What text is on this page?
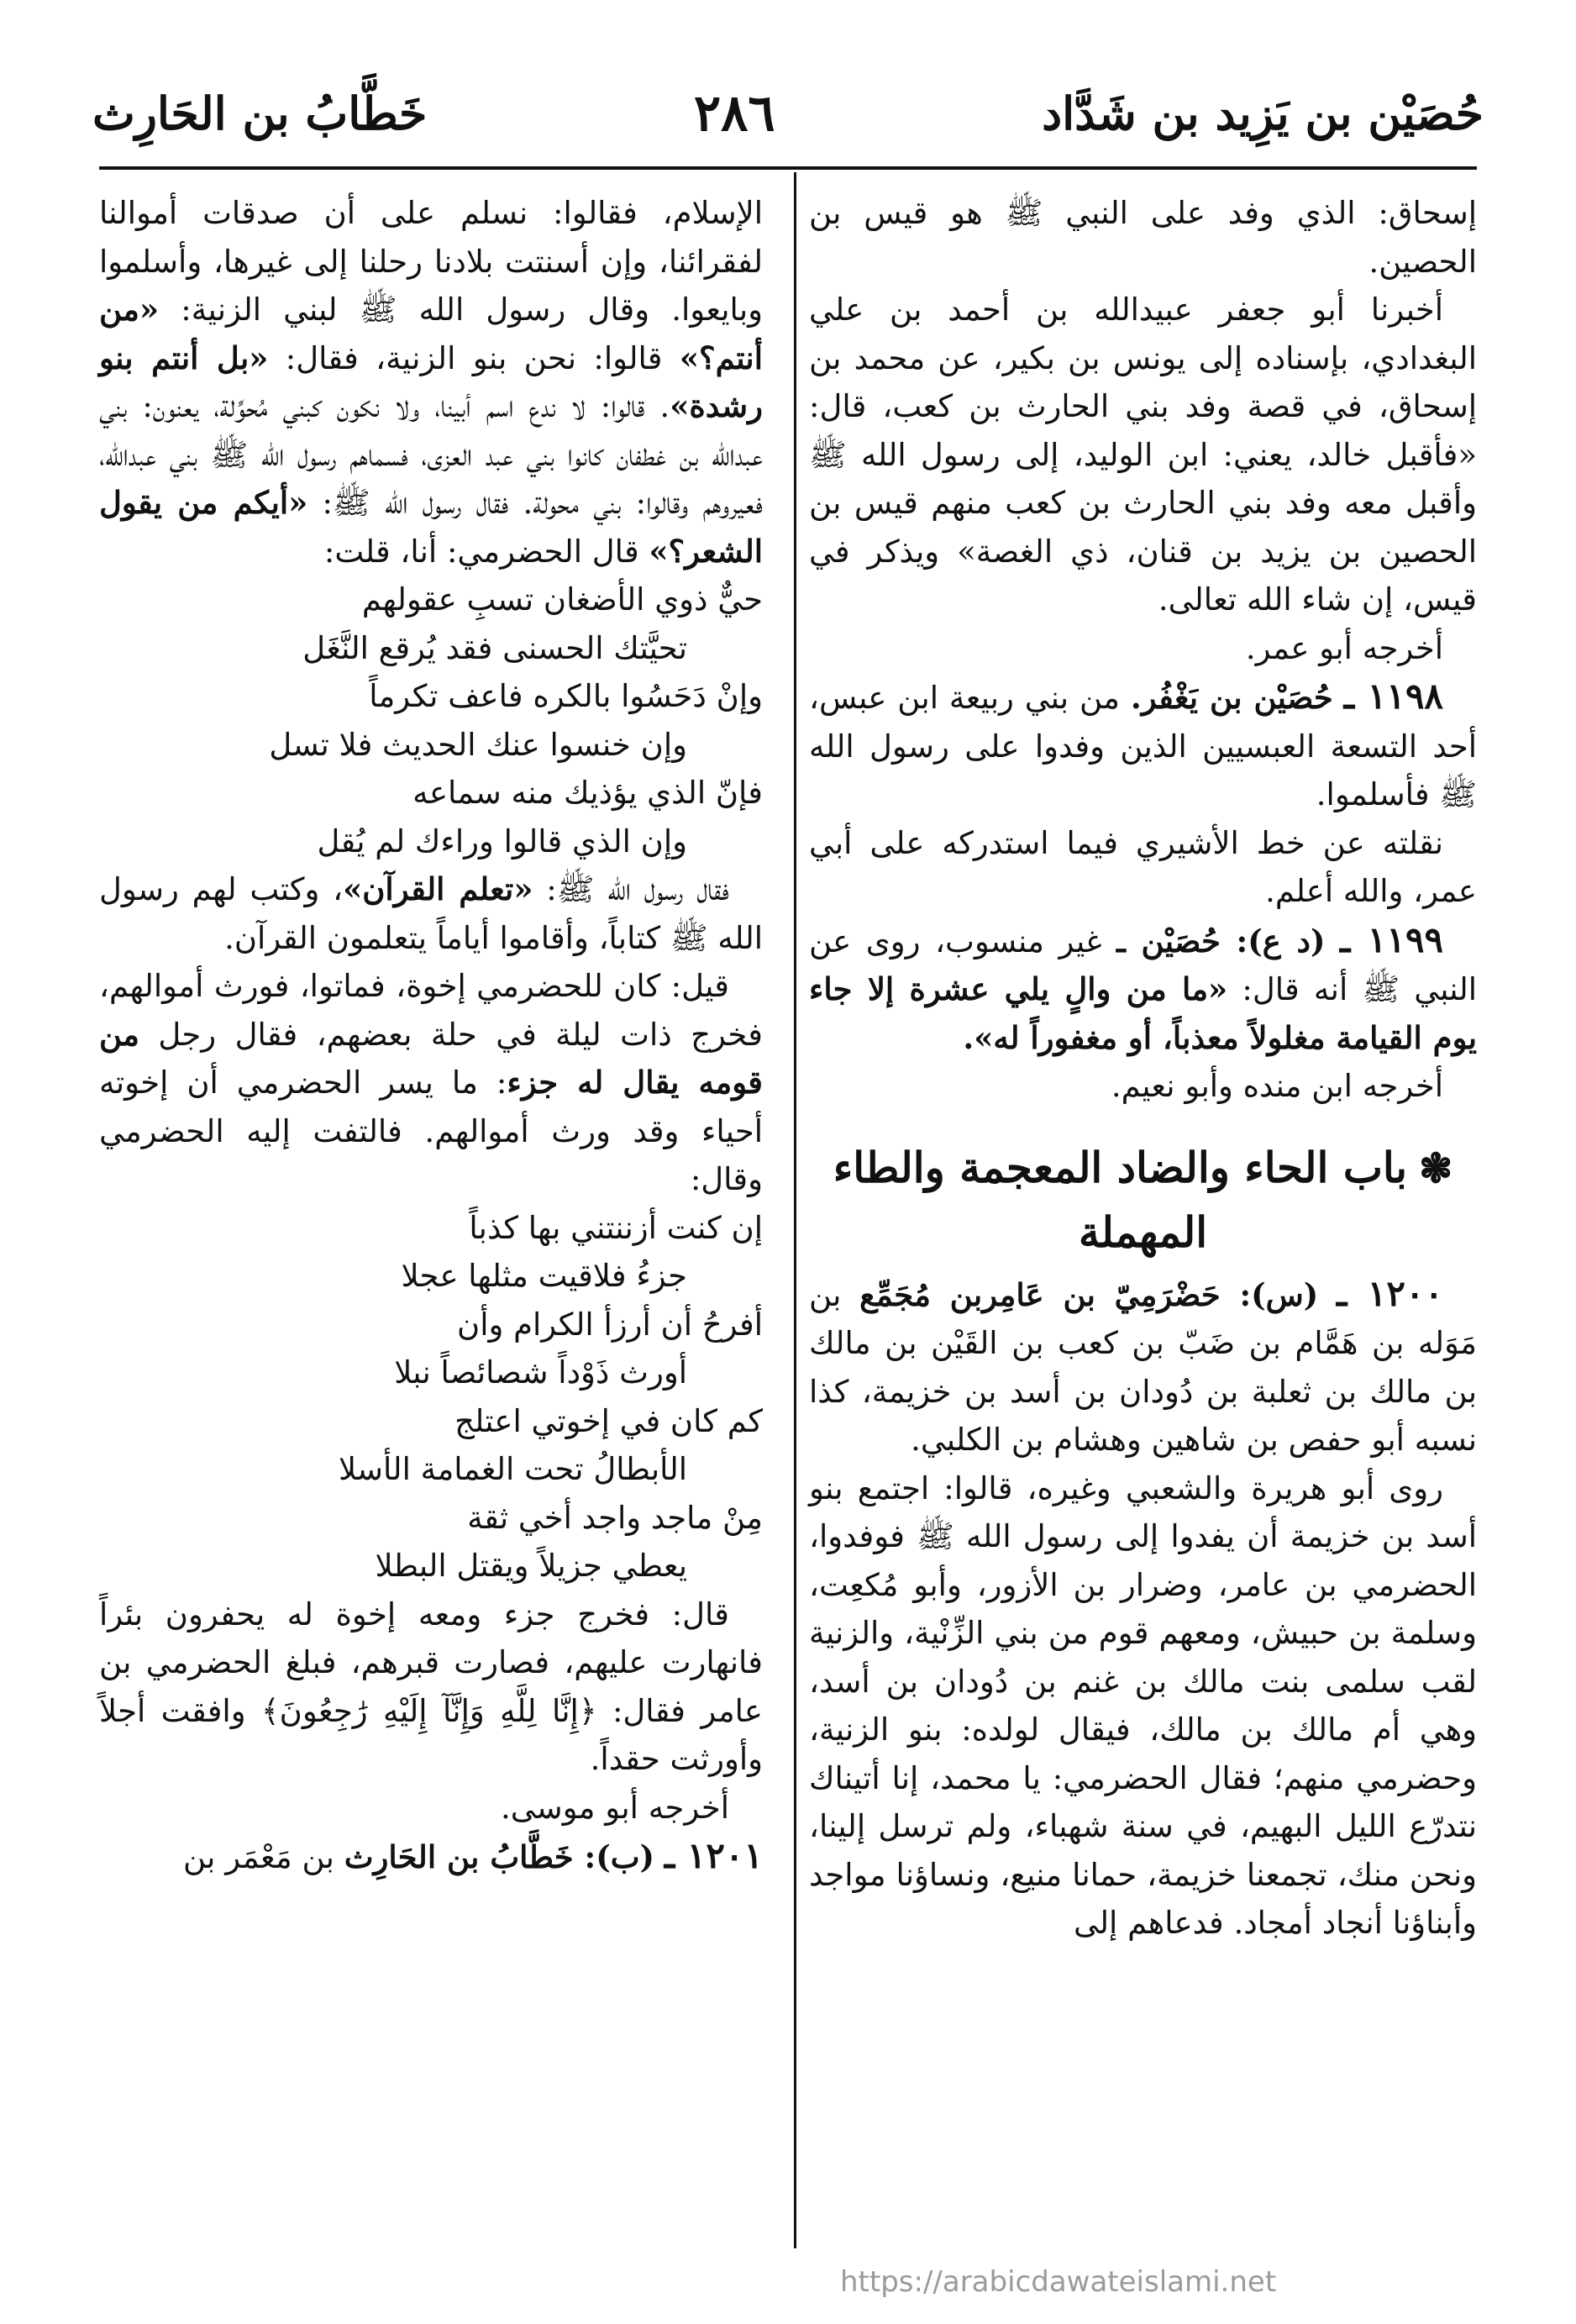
حُصَيْن بن يَزِيد بن شَدَّاد
٢٨٦
خَطَّابُ بن الحَارِث

إسحاق: الذي وفد على النبي ﷺ هو قيس بن الحصين.

أخبرنا أبو جعفر عبيدالله بن أحمد بن علي البغدادي، بإسناده إلى يونس بن بكير، عن محمد بن إسحاق، في قصة وفد بني الحارث بن كعب، قال: «فأقبل خالد، يعني: ابن الوليد، إلى رسول الله ﷺ وأقبل معه وفد بني الحارث بن كعب منهم قيس بن الحصين بن يزيد بن قنان، ذي الغصة» ويذكر في قيس، إن شاء الله تعالى.

أخرجه أبو عمر.

١١٩٨ ـ حُصَيْن بن يَغْفُر. من بني ربيعة ابن عبس، أحد التسعة العبسيين الذين وفدوا على رسول الله ﷺ فأسلموا.

نقلته عن خط الأشيري فيما استدركه على أبي عمر، والله أعلم.

١١٩٩ ـ (د ع): حُصَيْن ـ غير منسوب، روى عن النبي ﷺ أنه قال: «ما من والٍ يلي عشرة إلا جاء يوم القيامة مغلولاً معذباً، أو مغفوراً له».

أخرجه ابن منده وأبو نعيم.

❃باب الحاء والضاد المعجمة والطاء المهملة

١٢٠٠ ـ (س): حَضْرَمِيّ بن عَامِربن مُجَمِّع بن مَوَله بن هَمَّام بن ضَبّ بن كعب بن القَيْن بن مالك بن مالك بن ثعلبة بن دُودان بن أسد بن خزيمة، كذا نسبه أبو حفص بن شاهين وهشام بن الكلبي.

روى أبو هريرة والشعبي وغيره، قالوا: اجتمع بنو أسد بن خزيمة أن يفدوا إلى رسول الله ﷺ فوفدوا، الحضرمي بن عامر، وضرار بن الأزور، وأبو مُكعِت، وسلمة بن حبيش، ومعهم قوم من بني الزِّنْية، والزنية لقب سلمى بنت مالك بن غنم بن دُودان بن أسد، وهي أم مالك بن مالك، فيقال لولده: بنو الزنية، وحضرمي منهم؛ فقال الحضرمي: يا محمد، إنا أتيناك نتدرّع الليل البهيم، في سنة شهباء، ولم ترسل إلينا، ونحن منك، تجمعنا خزيمة، حمانا منيع، ونساؤنا مواجد وأبناؤنا أنجاد أمجاد. فدعاهم إلى

الإسلام، فقالوا: نسلم على أن صدقات أموالنا لفقرائنا، وإن أسنتت بلادنا رحلنا إلى غيرها، وأسلموا وبايعوا. وقال رسول الله ﷺ لبني الزنية: «من أنتم؟» قالوا: نحن بنو الزنية، فقال: «بل أنتم بنو رشدة». قالوا: لا ندع اسم أبينا، ولا نكون كبني مُحوِّلة، يعنون: بني عبدالله بن غطفان كانوا بني عبد العزى، فسماهم رسول الله ﷺ بني عبدالله، فعيروهم وقالوا: بني محولة. فقال رسول الله ﷺ: «أيكم من يقول الشعر؟» قال الحضرمي: أنا، قلت:

حيٌّ ذوي الأضغان تسبِ عقولهم
تحيَّتك الحسنى فقد يُرقع النَّغَل
وإنْ دَحَسُوا بالكره فاعف تكرماً
وإن خنسوا عنك الحديث فلا تسل
فإنّ الذي يؤذيك منه سماعه
وإن الذي قالوا وراءك لم يُقل

فقال رسول الله ﷺ: «تعلم القرآن»، وكتب لهم رسول الله ﷺ كتاباً، وأقاموا أياماً يتعلمون القرآن.

قيل: كان للحضرمي إخوة، فماتوا، فورث أموالهم، فخرج ذات ليلة في حلة بعضهم، فقال رجل من قومه يقال له جزء: ما يسر الحضرمي أن إخوته أحياء وقد ورث أموالهم. فالتفت إليه الحضرمي وقال:

إن كنت أزننتني بها كذباً
جزءُ فلاقيت مثلها عجلا
أفرحُ أن أرزأ الكرام وأن
أورث ذَوْداً شصائصاً نبلا
كم كان في إخوتي اعتلج
الأبطالُ تحت الغمامة الأسلا
مِنْ ماجد واجد أخي ثقة
يعطي جزيلاً ويقتل البطلا

قال: فخرج جزء ومعه إخوة له يحفرون بئراً فانهارت عليهم، فصارت قبرهم، فبلغ الحضرمي بن عامر فقال: ﴿إِنَّا لِلَّهِ وَإِنَّآ إِلَيْهِ رَٰجِعُونَ﴾ وافقت أجلاً وأورثت حقداً.

أخرجه أبو موسى.

١٢٠١ ـ (ب): خَطَّابُ بن الحَارِث بن مَعْمَر بن

https://arabicdawateislami.net
